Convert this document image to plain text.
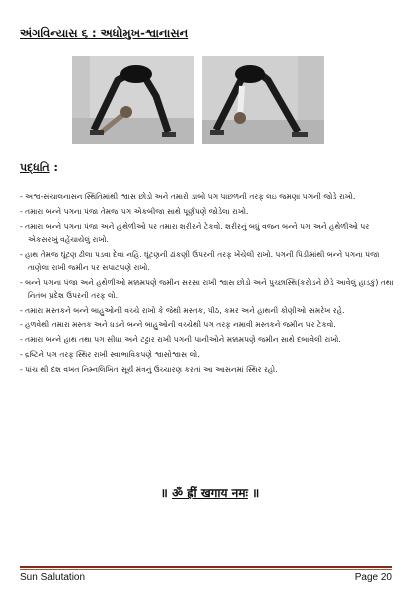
અંગવિન્યાસ ૬ : અધોમુખ-શ્વાનાસન
પદ્ધતિ :
- અશ્વ-સંચાલનાસન સ્થિતિમાંથી શ્વાસ છોડો અને તમારો ડાબો પગ પાછળની તરફ લઇ જમણા પગની જોડે રાખો.
- તમારા બન્ને પગના પંજા તેમજ પગ એકબીજા સાથે પૂર્ણપણે જોડેલા રાખો.
- તમારા બન્ને પગના પંજા અને હથેળીઓ પર તમારા શરીરને ટેકવો. શરીરનું બધું વજન બન્ને પગ અને હથેળીઓ પર એકસરખું વહેંચાયેલું રાખો.
- હાથ તેમજ ઘૂંટણ ઢીલા પડવા દેવા નહિ. ઘૂંટણની ઢાંકણી ઉપરની તરફ ખેંચેલી રાખો. પગની પિંડીમાંથી બન્ને પગના પંજા તાણેલા રાખી જમીન પર સપાટપણે રાખો.
- બન્ને પગના પંજા અને હથેળીઓ મક્કમપણે જમીન સરસા રાખી શ્વાસ છોડો અને પુચ્છાસ્થિ(કરોડને છેડે આવેલું હાડકું) તથા નિતંબ પ્રદેશ ઉપરની તરફ લો.
- તમારા મસ્તકને બન્ને બાહુઓની વચ્ચે રાખો કે જેથી મસ્તક, પીઠ, કમર અને હાથની કોણીઓ સમરેખ રહે.
- હળવેથી તમારા મસ્તક અને ધડને બન્ને બાહુઓની વચ્ચેથી પગ તરફ નમાવી મસ્તકને જમીન પર ટેકવો.
- તમારા બન્ને હાથ તથા પગ સીધા અને ટટ્ટાર રાખી પગની પાનીઓને મક્કમપણે જમીન સાથે દબાવેલી રાખો.
- દ્રષ્ટિને પગ તરફ સ્થિર રાખી સ્વાભાવિકપણે શ્વાસોશ્વાસ લો.
- પાંચ થી દશ વખત નિમ્નલિખિત સૂર્ય મંત્રનું ઉચ્ચારણ કરતાં આ આસનમાં સ્થિર રહો.
॥ ॐ ह्रीं खगाय नमः ॥
Sun Salutation	Page 20
